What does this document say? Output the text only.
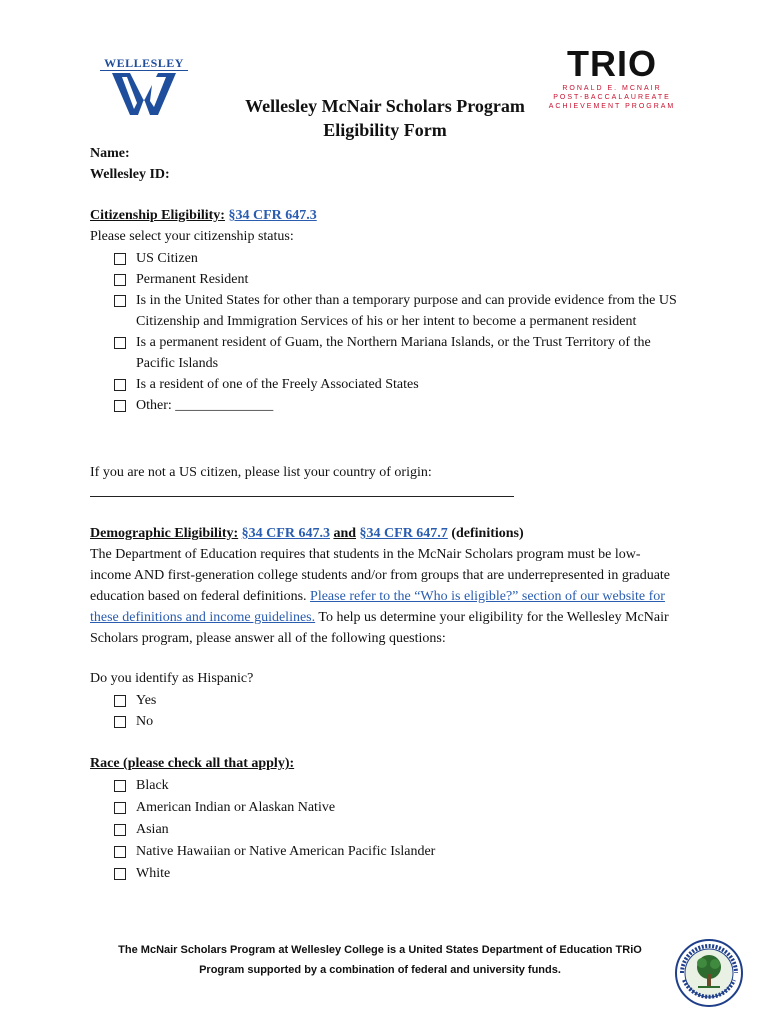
WELLESLEY
Wellesley McNair Scholars Program
Eligibility Form
TRIO
RONALD E. MCNAIR
POST-BACCALAUREATE
ACHIEVEMENT PROGRAM
Name:
Wellesley ID:
Citizenship Eligibility: §34 CFR 647.3
Please select your citizenship status:
US Citizen
Permanent Resident
Is in the United States for other than a temporary purpose and can provide evidence from the US Citizenship and Immigration Services of his or her intent to become a permanent resident
Is a permanent resident of Guam, the Northern Mariana Islands, or the Trust Territory of the Pacific Islands
Is a resident of one of the Freely Associated States
Other: ______________
If you are not a US citizen, please list your country of origin:
Demographic Eligibility: §34 CFR 647.3 and §34 CFR 647.7 (definitions)
The Department of Education requires that students in the McNair Scholars program must be low-income AND first-generation college students and/or from groups that are underrepresented in graduate education based on federal definitions. Please refer to the “Who is eligible?” section of our website for these definitions and income guidelines. To help us determine your eligibility for the Wellesley McNair Scholars program, please answer all of the following questions:
Do you identify as Hispanic?
Yes
No
Race (please check all that apply):
Black
American Indian or Alaskan Native
Asian
Native Hawaiian or Native American Pacific Islander
White
The McNair Scholars Program at Wellesley College is a United States Department of Education TRiO
Program supported by a combination of federal and university funds.
